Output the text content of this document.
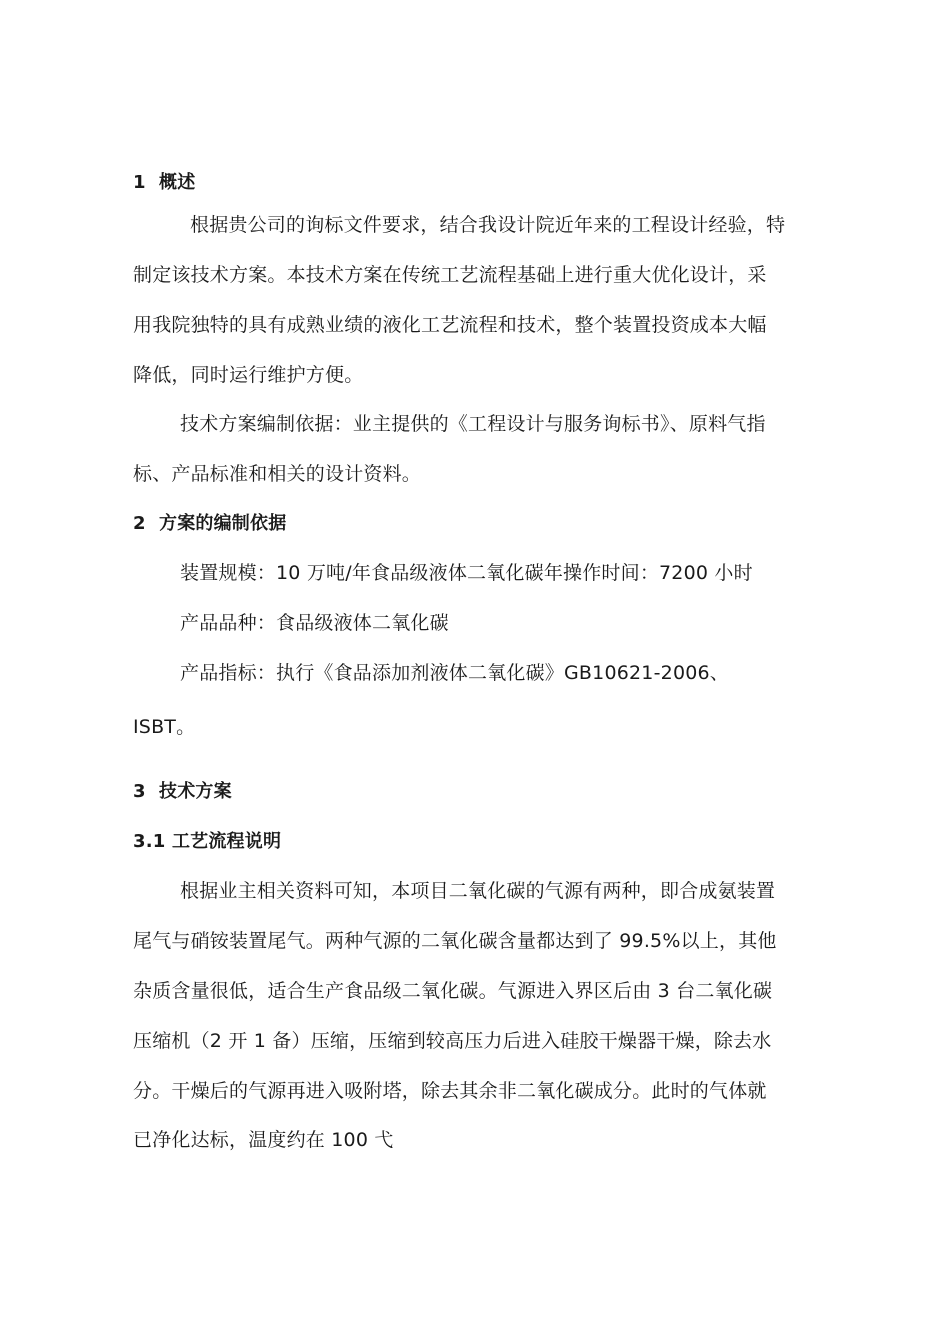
1 概述
根据贵公司的询标文件要求，结合我设计院近年来的工程设计经验，特
制定该技术方案。本技术方案在传统工艺流程基础上进行重大优化设计，采
用我院独特的具有成熟业绩的液化工艺流程和技术，整个装置投资成本大幅
降低，同时运行维护方便。
技术方案编制依据：业主提供的《工程设计与服务询标书》、原料气指
标、产品标准和相关的设计资料。
2 方案的编制依据
装置规模：10 万吨/年食品级液体二氧化碳年操作时间：7200 小时
产品品种：食品级液体二氧化碳
产品指标：执行《食品添加剂液体二氧化碳》GB10621-2006、
ISBT。
3 技术方案
3.1 工艺流程说明
根据业主相关资料可知，本项目二氧化碳的气源有两种，即合成氨装置
尾气与硝铵装置尾气。两种气源的二氧化碳含量都达到了 99.5%以上，其他
杂质含量很低，适合生产食品级二氧化碳。气源进入界区后由 3 台二氧化碳
压缩机（2 开 1 备）压缩，压缩到较高压力后进入硅胶干燥器干燥，除去水
分。干燥后的气源再进入吸附塔，除去其余非二氧化碳成分。此时的气体就
已净化达标，温度约在 100 弋
